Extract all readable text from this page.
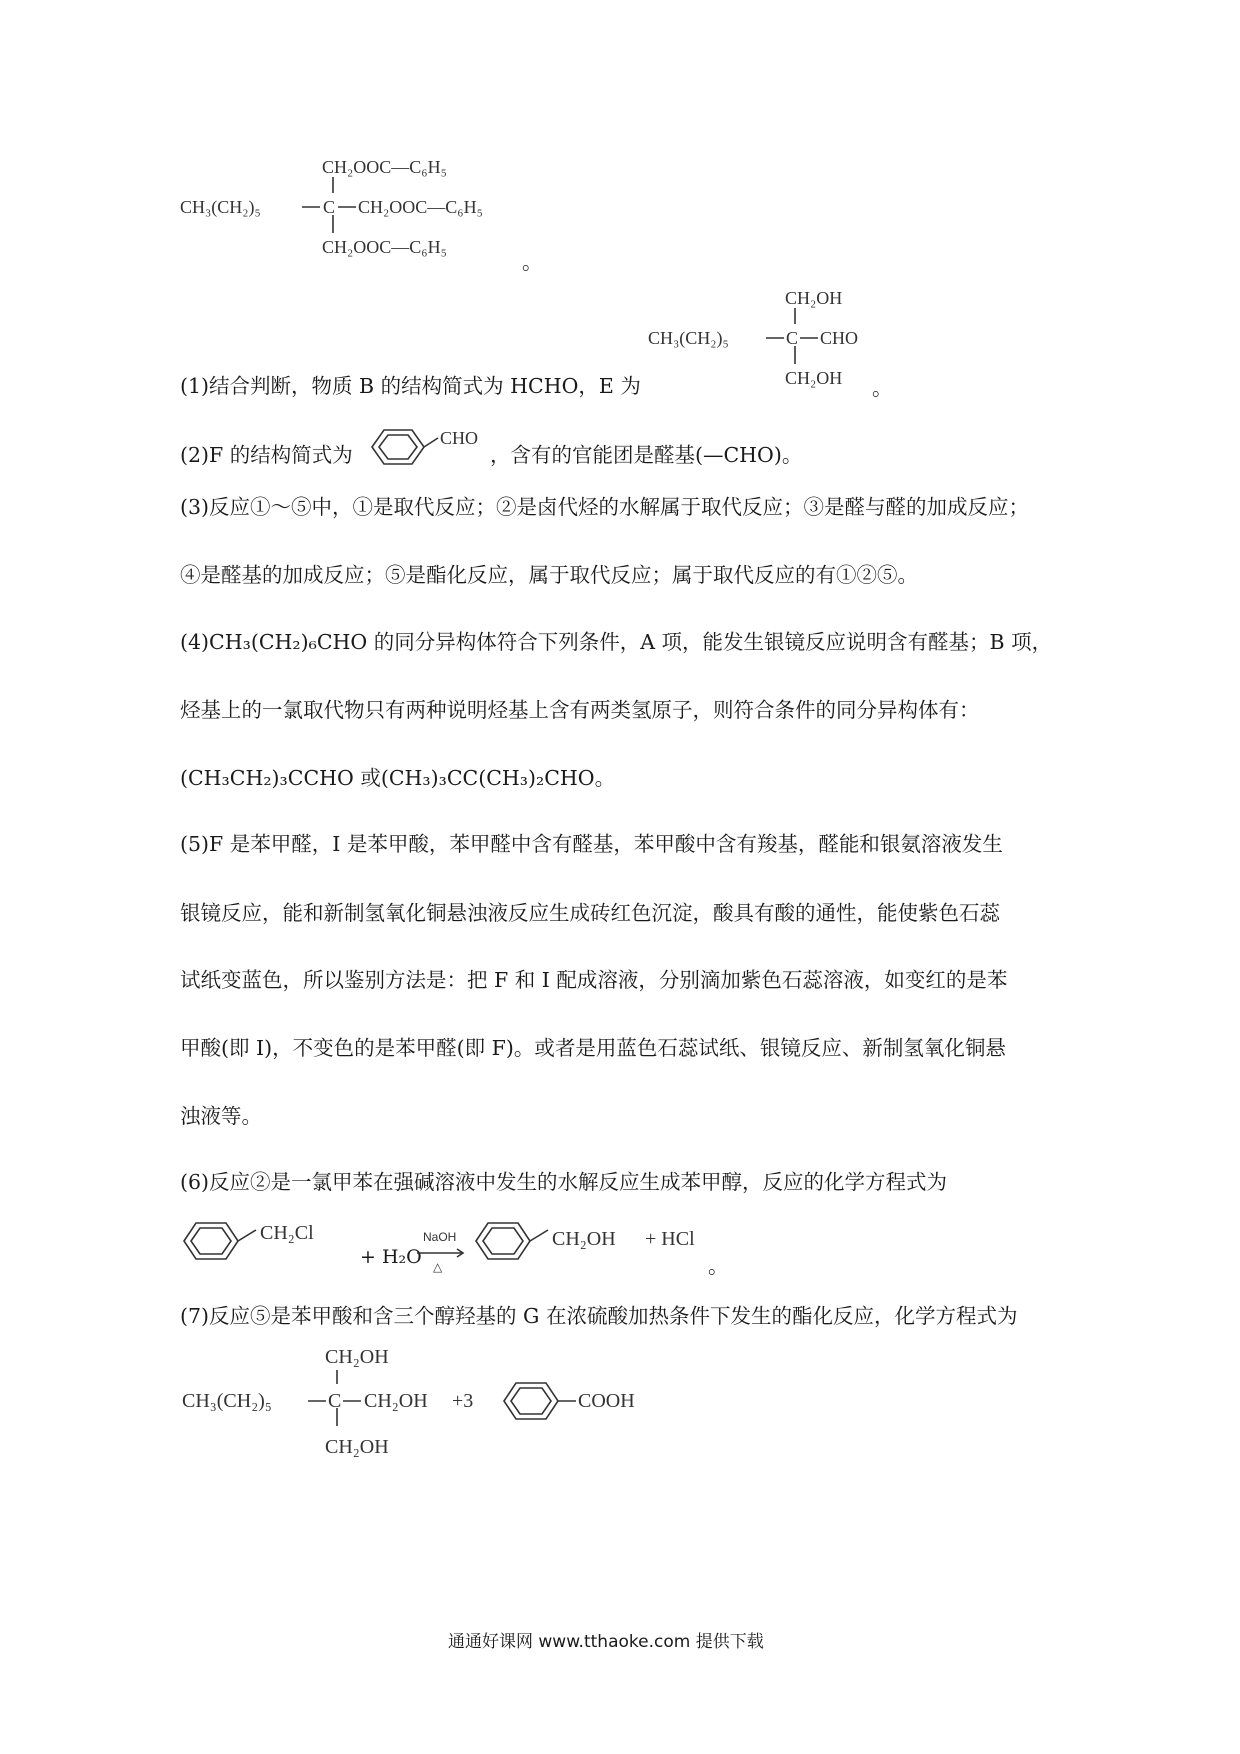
CH₂OOC—C₆H₅
CH₃(CH₂)₅	C CH₂OOC—C₆H₅
CH₂OOC—C₆H₅
。
CH₂OH
CH₃(CH₂)₅	C CHO
CH₂OH
(1)结合判断，物质 B 的结构简式为 HCHO，E 为	。
(2)F 的结构简式为
CHO
，含有的官能团是醛基(—CHO)。
(3)反应①～⑤中，①是取代反应；②是卤代烃的水解属于取代反应；③是醛与醛的加成反应；
④是醛基的加成反应；⑤是酯化反应，属于取代反应；属于取代反应的有①②⑤。
(4)CH₃(CH₂)₆CHO 的同分异构体符合下列条件，A 项，能发生银镜反应说明含有醛基；B 项，
烃基上的一氯取代物只有两种说明烃基上含有两类氢原子，则符合条件的同分异构体有：
(CH₃CH₂)₃CCHO 或(CH₃)₃CC(CH₃)₂CHO。
(5)F 是苯甲醛，I 是苯甲酸，苯甲醛中含有醛基，苯甲酸中含有羧基，醛能和银氨溶液发生
银镜反应，能和新制氢氧化铜悬浊液反应生成砖红色沉淀，酸具有酸的通性，能使紫色石蕊
试纸变蓝色，所以鉴别方法是：把 F 和 I 配成溶液，分别滴加紫色石蕊溶液，如变红的是苯
甲酸(即 I)，不变色的是苯甲醛(即 F)。或者是用蓝色石蕊试纸、银镜反应、新制氢氧化铜悬
浊液等。
(6)反应②是一氯甲苯在强碱溶液中发生的水解反应生成苯甲醇，反应的化学方程式为
CH₂Cl
+ H₂O
NaOH
△
CH₂OH + HCl
。
(7)反应⑤是苯甲酸和含三个醇羟基的 G 在浓硫酸加热条件下发生的酯化反应，化学方程式为
CH₂OH
CH₃(CH₂)₅	C CH₂OH
CH₂OH
+3	COOH
通通好课网 www.tthaoke.com 提供下载
